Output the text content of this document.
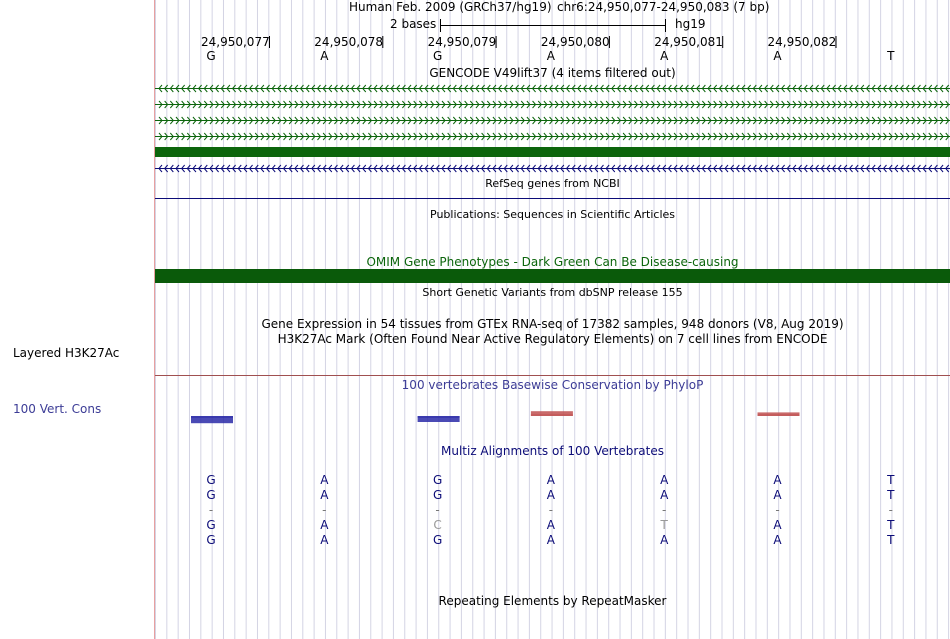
Layered H3K27Ac
100 Vert. Cons
Human Feb. 2009 (GRCh37/hg19) chr6:24,950,077-24,950,083 (7 bp)
2 bases	hg19
24,950,077	24,950,078	24,950,079	24,950,080	24,950,081	24,950,082
G	A	G	A	A	A	T
GENCODE V49lift37 (4 items filtered out)
RefSeq genes from NCBI
Publications: Sequences in Scientific Articles
OMIM Gene Phenotypes - Dark Green Can Be Disease-causing
Short Genetic Variants from dbSNP release 155
Gene Expression in 54 tissues from GTEx RNA-seq of 17382 samples, 948 donors (V8, Aug 2019)
H3K27Ac Mark (Often Found Near Active Regulatory Elements) on 7 cell lines from ENCODE
100 vertebrates Basewise Conservation by PhyloP
Multiz Alignments of 100 Vertebrates
G	A	G	A	A	A	T
G	A	G	A	A	A	T
-	-	-	-	-	-	-
G	A	C	A	T	A	T
G	A	G	A	A	A	T
Repeating Elements by RepeatMasker
